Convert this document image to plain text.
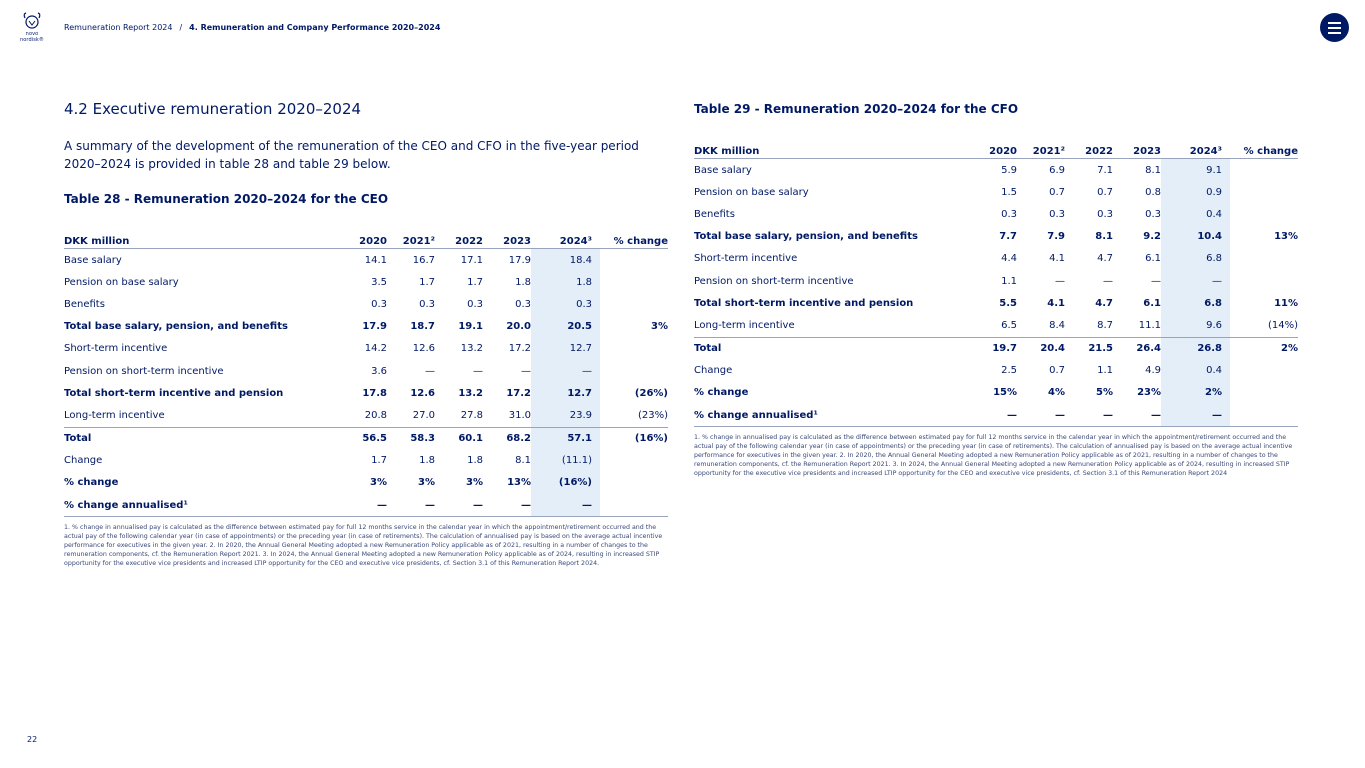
novo nordisk®
Remuneration Report 2024 / 4. Remuneration and Company Performance 2020–2024
4.2 Executive remuneration 2020–2024

A summary of the development of the remuneration of the CEO and CFO in the five-year period 2020–2024 is provided in table 28 and table 29 below.

Table 28 - Remuneration 2020–2024 for the CEO
DKK million	2020	2021²	2022	2023	2024³	% change
Base salary	14.1	16.7	17.1	17.9	18.4	
Pension on base salary	3.5	1.7	1.7	1.8	1.8	
Benefits	0.3	0.3	0.3	0.3	0.3	
Total base salary, pension, and benefits	17.9	18.7	19.1	20.0	20.5	3%
Short-term incentive	14.2	12.6	13.2	17.2	12.7	
Pension on short-term incentive	3.6	—	—	—	—	
Total short-term incentive and pension	17.8	12.6	13.2	17.2	12.7	(26%)
Long-term incentive	20.8	27.0	27.8	31.0	23.9	(23%)
Total	56.5	58.3	60.1	68.2	57.1	(16%)
Change	1.7	1.8	1.8	8.1	(11.1)	
% change	3%	3%	3%	13%	(16%)	
% change annualised¹	—	—	—	—	—	

1. % change in annualised pay is calculated as the difference between estimated pay for full 12 months service in the calendar year in which the appointment/retirement occurred and the actual pay of the following calendar year (in case of appointments) or the preceding year (in case of retirements). The calculation of annualised pay is based on the average actual incentive performance for executives in the given year. 2. In 2020, the Annual General Meeting adopted a new Remuneration Policy applicable as of 2021, resulting in a number of changes to the remuneration components, cf. the Remuneration Report 2021. 3. In 2024, the Annual General Meeting adopted a new Remuneration Policy applicable as of 2024, resulting in increased STIP opportunity for the executive vice presidents and increased LTIP opportunity for the CEO and executive vice presidents, cf. Section 3.1 of this Remuneration Report 2024.

Table 29 - Remuneration 2020–2024 for the CFO
DKK million	2020	2021²	2022	2023	2024³	% change
Base salary	5.9	6.9	7.1	8.1	9.1	
Pension on base salary	1.5	0.7	0.7	0.8	0.9	
Benefits	0.3	0.3	0.3	0.3	0.4	
Total base salary, pension, and benefits	7.7	7.9	8.1	9.2	10.4	13%
Short-term incentive	4.4	4.1	4.7	6.1	6.8	
Pension on short-term incentive	1.1	—	—	—	—	
Total short-term incentive and pension	5.5	4.1	4.7	6.1	6.8	11%
Long-term incentive	6.5	8.4	8.7	11.1	9.6	(14%)
Total	19.7	20.4	21.5	26.4	26.8	2%
Change	2.5	0.7	1.1	4.9	0.4	
% change	15%	4%	5%	23%	2%	
% change annualised¹	—	—	—	—	—	

1. % change in annualised pay is calculated as the difference between estimated pay for full 12 months service in the calendar year in which the appointment/retirement occurred and the actual pay of the following calendar year (in case of appointments) or the preceding year (in case of retirements). The calculation of annualised pay is based on the average actual incentive performance for executives in the given year. 2. In 2020, the Annual General Meeting adopted a new Remuneration Policy applicable as of 2021, resulting in a number of changes to the remuneration components, cf. the Remuneration Report 2021. 3. In 2024, the Annual General Meeting adopted a new Remuneration Policy applicable as of 2024, resulting in increased STIP opportunity for the executive vice presidents and increased LTIP opportunity for the CEO and executive vice presidents, cf. Section 3.1 of this Remuneration Report 2024

22
